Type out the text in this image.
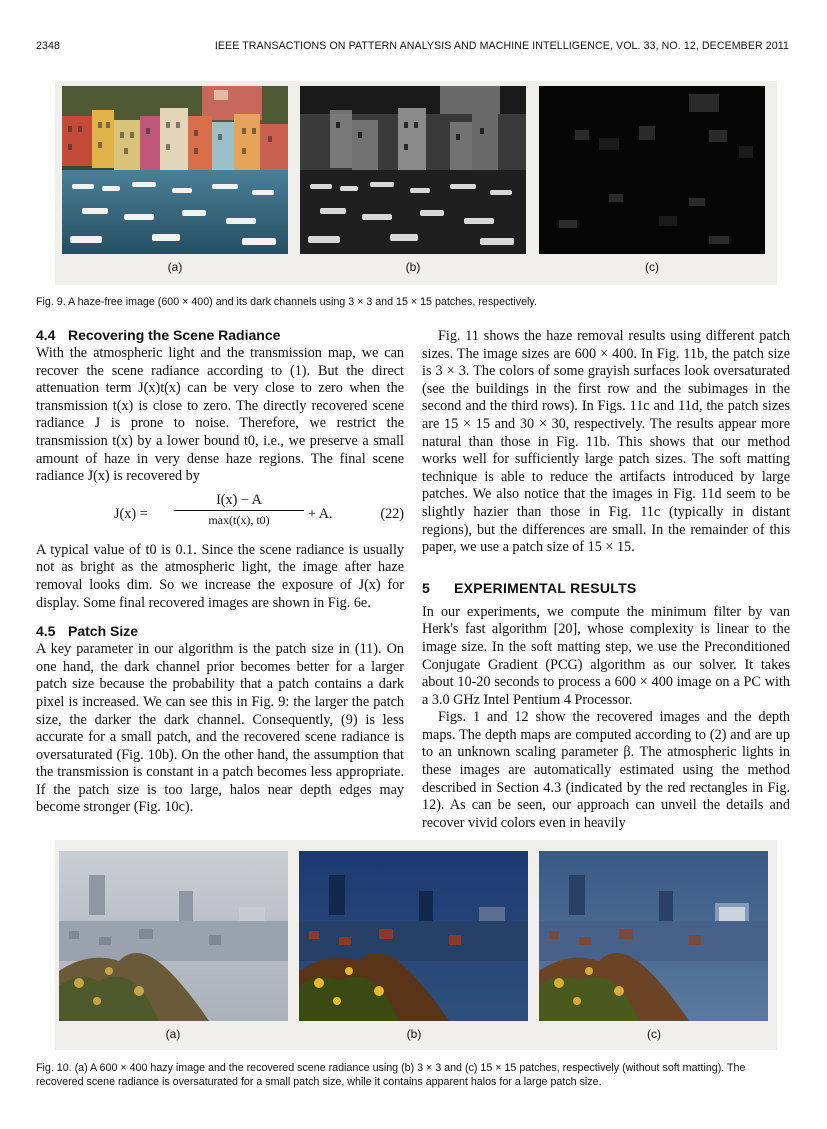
2348	IEEE TRANSACTIONS ON PATTERN ANALYSIS AND MACHINE INTELLIGENCE, VOL. 33, NO. 12, DECEMBER 2011
(a)	(b)	(c)
Fig. 9. A haze-free image (600 × 400) and its dark channels using 3 × 3 and 15 × 15 patches, respectively.
4.4 Recovering the Scene Radiance

With the atmospheric light and the transmission map, we can recover the scene radiance according to (1). But the direct attenuation term J(x)t(x) can be very close to zero when the transmission t(x) is close to zero. The directly recovered scene radiance J is prone to noise. Therefore, we restrict the transmission t(x) by a lower bound t0, i.e., we preserve a small amount of haze in very dense haze regions. The final scene radiance J(x) is recovered by

J(x) =
I(x) − A
max(t(x), t0)	+ A.	(22)

A typical value of t0 is 0.1. Since the scene radiance is usually not as bright as the atmospheric light, the image after haze removal looks dim. So we increase the exposure of J(x) for display. Some final recovered images are shown in Fig. 6e.

4.5 Patch Size

A key parameter in our algorithm is the patch size in (11). On one hand, the dark channel prior becomes better for a larger patch size because the probability that a patch contains a dark pixel is increased. We can see this in Fig. 9: the larger the patch size, the darker the dark channel. Consequently, (9) is less accurate for a small patch, and the recovered scene radiance is oversaturated (Fig. 10b). On the other hand, the assumption that the transmission is constant in a patch becomes less appropriate. If the patch size is too large, halos near depth edges may become stronger (Fig. 10c).

Fig. 11 shows the haze removal results using different patch sizes. The image sizes are 600 × 400. In Fig. 11b, the patch size is 3 × 3. The colors of some grayish surfaces look oversaturated (see the buildings in the first row and the subimages in the second and the third rows). In Figs. 11c and 11d, the patch sizes are 15 × 15 and 30 × 30, respectively. The results appear more natural than those in Fig. 11b. This shows that our method works well for sufficiently large patch sizes. The soft matting technique is able to reduce the artifacts introduced by large patches. We also notice that the images in Fig. 11d seem to be slightly hazier than those in Fig. 11c (typically in distant regions), but the differences are small. In the remainder of this paper, we use a patch size of 15 × 15.

5 EXPERIMENTAL RESULTS

In our experiments, we compute the minimum filter by van Herk's fast algorithm [20], whose complexity is linear to the image size. In the soft matting step, we use the Preconditioned Conjugate Gradient (PCG) algorithm as our solver. It takes about 10-20 seconds to process a 600 × 400 image on a PC with a 3.0 GHz Intel Pentium 4 Processor.

Figs. 1 and 12 show the recovered images and the depth maps. The depth maps are computed according to (2) and are up to an unknown scaling parameter β. The atmospheric lights in these images are automatically estimated using the method described in Section 4.3 (indicated by the red rectangles in Fig. 12). As can be seen, our approach can unveil the details and recover vivid colors even in heavily

(a)	(b)	(c)
Fig. 10. (a) A 600 × 400 hazy image and the recovered scene radiance using (b) 3 × 3 and (c) 15 × 15 patches, respectively (without soft matting). The recovered scene radiance is oversaturated for a small patch size, while it contains apparent halos for a large patch size.
